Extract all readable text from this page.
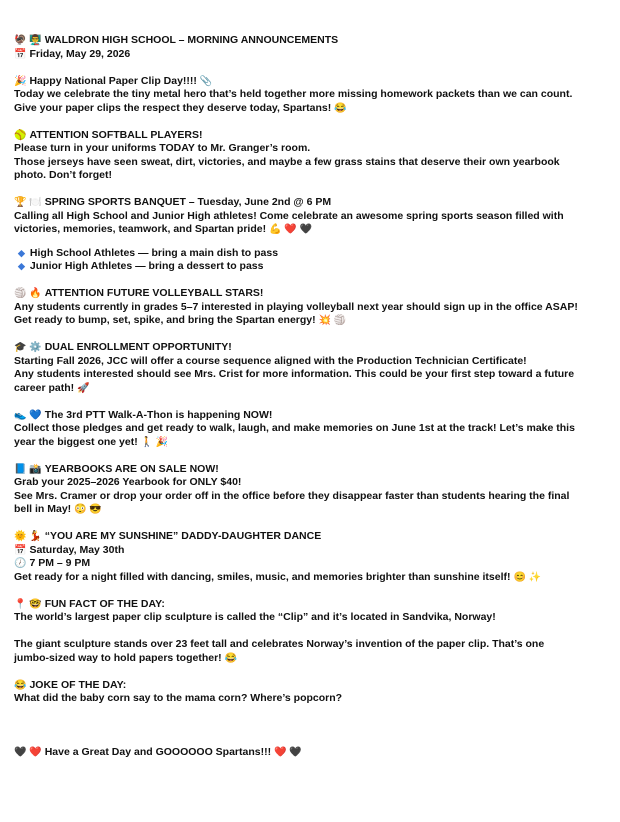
🦃 👨‍🏫 WALDRON HIGH SCHOOL – MORNING ANNOUNCEMENTS
📅 Friday, May 29, 2026
🎉 Happy National Paper Clip Day!!!! 📎
Today we celebrate the tiny metal hero that’s held together more missing homework packets than we can count.
Give your paper clips the respect they deserve today, Spartans! 😂
🥎 ATTENTION SOFTBALL PLAYERS!
Please turn in your uniforms TODAY to Mr. Granger’s room.
Those jerseys have seen sweat, dirt, victories, and maybe a few grass stains that deserve their own yearbook
photo. Don’t forget!
🏆 🍽️ SPRING SPORTS BANQUET – Tuesday, June 2nd @ 6 PM
Calling all High School and Junior High athletes! Come celebrate an awesome spring sports season filled with
victories, memories, teamwork, and Spartan pride! 💪 ❤️ 🖤
◆ High School Athletes — bring a main dish to pass
◆ Junior High Athletes — bring a dessert to pass
🏐 🔥 ATTENTION FUTURE VOLLEYBALL STARS!
Any students currently in grades 5–7 interested in playing volleyball next year should sign up in the office ASAP!
Get ready to bump, set, spike, and bring the Spartan energy! 💥 🏐
🎓 ⚙️ DUAL ENROLLMENT OPPORTUNITY!
Starting Fall 2026, JCC will offer a course sequence aligned with the Production Technician Certificate!
Any students interested should see Mrs. Crist for more information. This could be your first step toward a future
career path! 🚀
👟 💙 The 3rd PTT Walk-A-Thon is happening NOW!
Collect those pledges and get ready to walk, laugh, and make memories on June 1st at the track! Let’s make this
year the biggest one yet! 🚶 🎉
📘 📸 YEARBOOKS ARE ON SALE NOW!
Grab your 2025–2026 Yearbook for ONLY $40!
See Mrs. Cramer or drop your order off in the office before they disappear faster than students hearing the final
bell in May! 😳 😎
🌞 💃 “YOU ARE MY SUNSHINE” DADDY-DAUGHTER DANCE
📅 Saturday, May 30th
🕖 7 PM – 9 PM
Get ready for a night filled with dancing, smiles, music, and memories brighter than sunshine itself! 😊 ✨
📍 🤓 FUN FACT OF THE DAY:
The world’s largest paper clip sculpture is called the “Clip” and it’s located in Sandvika, Norway!
The giant sculpture stands over 23 feet tall and celebrates Norway’s invention of the paper clip. That’s one
jumbo-sized way to hold papers together! 😂
😂 JOKE OF THE DAY:
What did the baby corn say to the mama corn? Where’s popcorn?
🖤 ❤️ Have a Great Day and GOOOOOO Spartans!!! ❤️ 🖤
